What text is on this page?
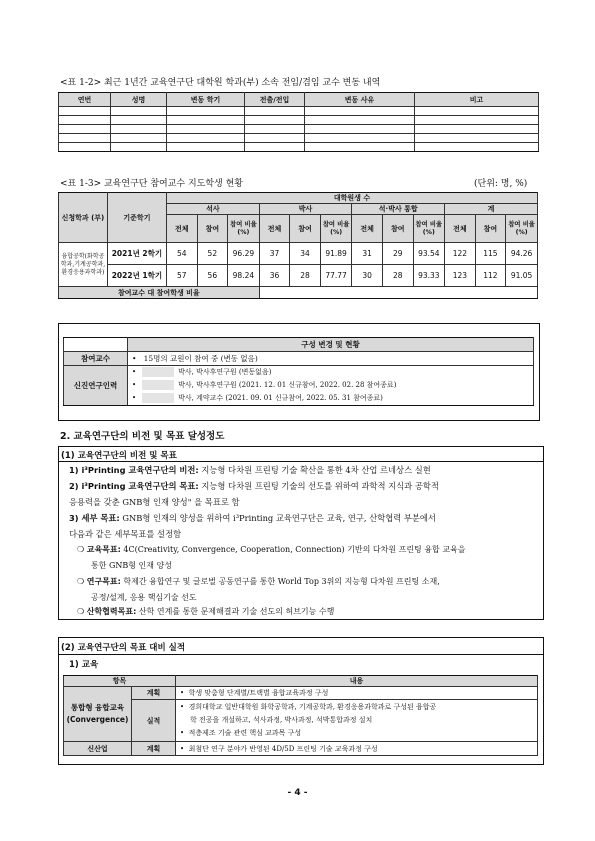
<표 1-2> 최근 1년간 교육연구단 대학원 학과(부) 소속 전임/겸임 교수 변동 내역
연번	성명	변동 학기	전출/전입	변동 사유	비고

<표 1-3> 교육연구단 참여교수 지도학생 현황	(단위: 명, %)
신청학과 (부)	기준학기	대학원생 수											
		석사			박사			석·박사 통합			계		
		전체	참여	참여 비율 (%)	전체	참여	참여 비율 (%)	전체	참여	참여 비율 (%)	전체	참여	참여 비율 (%)
융합공학(화학공학과,기계공학과,환경응용과학과)	2021년 2학기	54	52	96.29	37	34	91.89	31	29	93.54	122	115	94.26
	2022년 1학기	57	56	98.24	36	28	77.77	30	28	93.33	123	112	91.05
참여교수 대 참여학생 비율													
	구성 변경 및 현황
참여교수	•   15명의 교원이 참여 중 (변동 없음)
신진연구인력	• 박사, 박사후연구원 (변동없음)
• 박사, 박사후연구원 (2021. 12. 01 신규참여, 2022. 02. 28 참여종료)
• 박사, 계약교수 (2021. 09. 01 신규참여, 2022. 05. 31 참여종료)
2. 교육연구단의 비전 및 목표 달성정도
(1) 교육연구단의 비전 및 목표
1) i³Printing 교육연구단의 비전: 지능형 다차원 프린팅 기술 확산을 통한 4차 산업 르네상스 실현
2) i³Printing 교육연구단의 목표: 지능형 다차원 프린팅 기술의 선도를 위하여 과학적 지식과 공학적
응용력을 갖춘 GNB형 인재 양성" 을 목표로 함
3) 세부 목표: GNB형 인재의 양성을 위하여 i³Printing 교육연구단은 교육, 연구, 산학협력 부분에서
다음과 같은 세부목표를 설정함
❍ 교육목표: 4C(Creativity, Convergence, Cooperation, Connection) 기반의 다차원 프린팅 융합 교육을
통한 GNB형 인재 양성
❍ 연구목표: 학제간 융합연구 및 글로벌 공동연구를 통한 World Top 3위의 지능형 다차원 프린팅 소재,
공정/설계, 응용 핵심기술 선도
❍ 산학협력목표: 산학 연계를 통한 문제해결과 기술 선도의 허브기능 수행
(2) 교육연구단의 목표 대비 실적
1) 교육
항목		내용
통합형 융합교육 (Convergence)	계획	•  학생 맞춤형 단계별/트랙별 융합교육과정 구성
	실적	•  경희대학교 일반대학원 화학공학과, 기계공학과, 환경응용과학과로 구성된 융합공
학 전공을 개설하고, 석사과정, 박사과정, 석박통합과정 설치
•  적층제조 기술 관련 핵심 교과목 구성

신산업	계획	•  최첨단 연구 분야가 반영된 4D/5D 프린팅 기술 교육과정 구성
- 4 -
